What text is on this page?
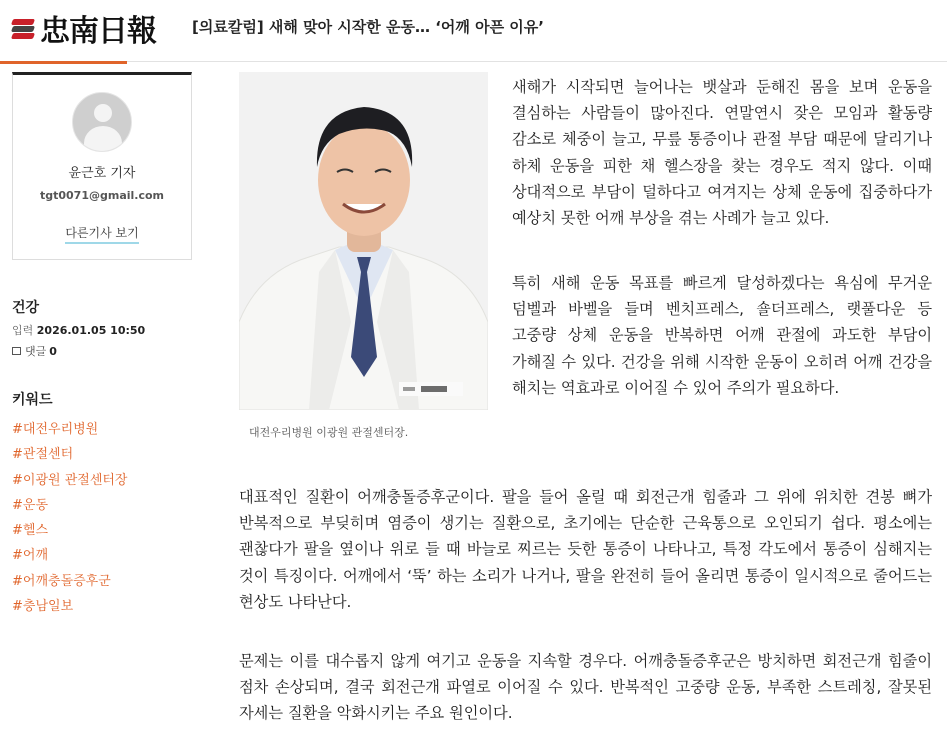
忠南日報 [의료칼럼] 새해 맞아 시작한 운동… ‘어깨 아픈 이유’
윤근호 기자
tgt0071@gmail.com
다른기사 보기
건강
입력 2026.01.05 10:50
댓글 0
키워드
#대전우리병원
#관절센터
#이광원 관절센터장
#운동
#헬스
#어깨
#어깨충돌증후군
#충남일보
대전우리병원 이광원 관절센터장.

새해가 시작되면 늘어나는 뱃살과 둔해진 몸을 보며 운동을 결심하는 사람들이 많아진다. 연말연시 잦은 모임과 활동량 감소로 체중이 늘고, 무릎 통증이나 관절 부담 때문에 달리기나 하체 운동을 피한 채 헬스장을 찾는 경우도 적지 않다. 이때 상대적으로 부담이 덜하다고 여겨지는 상체 운동에 집중하다가 예상치 못한 어깨 부상을 겪는 사례가 늘고 있다.

특히 새해 운동 목표를 빠르게 달성하겠다는 욕심에 무거운 덤벨과 바벨을 들며 벤치프레스, 숄더프레스, 랫풀다운 등 고중량 상체 운동을 반복하면 어깨 관절에 과도한 부담이 가해질 수 있다. 건강을 위해 시작한 운동이 오히려 어깨 건강을 해치는 역효과로 이어질 수 있어 주의가 필요하다.

대표적인 질환이 어깨충돌증후군이다. 팔을 들어 올릴 때 회전근개 힘줄과 그 위에 위치한 견봉 뼈가 반복적으로 부딪히며 염증이 생기는 질환으로, 초기에는 단순한 근육통으로 오인되기 쉽다. 평소에는 괜찮다가 팔을 옆이나 위로 들 때 바늘로 찌르는 듯한 통증이 나타나고, 특정 각도에서 통증이 심해지는 것이 특징이다. 어깨에서 ‘뚝’ 하는 소리가 나거나, 팔을 완전히 들어 올리면 통증이 일시적으로 줄어드는 현상도 나타난다.

문제는 이를 대수롭지 않게 여기고 운동을 지속할 경우다. 어깨충돌증후군은 방치하면 회전근개 힘줄이 점차 손상되며, 결국 회전근개 파열로 이어질 수 있다. 반복적인 고중량 운동, 부족한 스트레칭, 잘못된 자세는 질환을 악화시키는 주요 원인이다.
